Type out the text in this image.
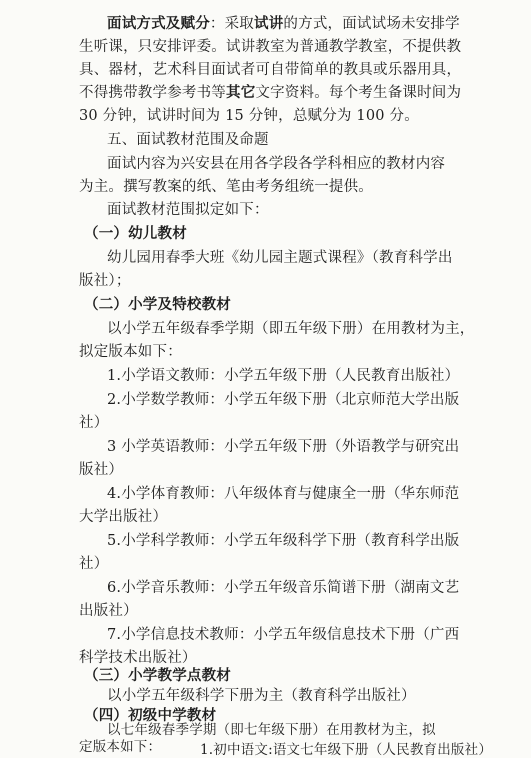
面试方式及赋分：采取试讲的方式，面试试场未安排学
生听课，只安排评委。试讲教室为普通教学教室，不提供教
具、器材，艺术科目面试者可自带简单的教具或乐器用具，
不得携带教学参考书等其它文字资料。每个考生备课时间为
30 分钟，试讲时间为 15 分钟，总赋分为 100 分。
五、面试教材范围及命题
面试内容为兴安县在用各学段各学科相应的教材内容
为主。撰写教案的纸、笔由考务组统一提供。
面试教材范围拟定如下：
（一）幼儿教材
幼儿园用春季大班《幼儿园主题式课程》（教育科学出
版社）；
（二）小学及特校教材
以小学五年级春季学期（即五年级下册）在用教材为主，
拟定版本如下：
1.小学语文教师：小学五年级下册（人民教育出版社）
2.小学数学教师：小学五年级下册（北京师范大学出版
社）
3 小学英语教师：小学五年级下册（外语教学与研究出
版社）
4.小学体育教师：八年级体育与健康全一册（华东师范
大学出版社）
5.小学科学教师：小学五年级科学下册（教育科学出版
社）
6.小学音乐教师：小学五年级音乐简谱下册（湖南文艺
出版社）
7.小学信息技术教师：小学五年级信息技术下册（广西
科学技术出版社）
（三）小学教学点教材
以小学五年级科学下册为主（教育科学出版社）
（四）初级中学教材
以七年级春季学期（即七年级下册）在用教材为主，拟
定版本如下：	1.初中语文:语文七年级下册（人民教育出版社）
